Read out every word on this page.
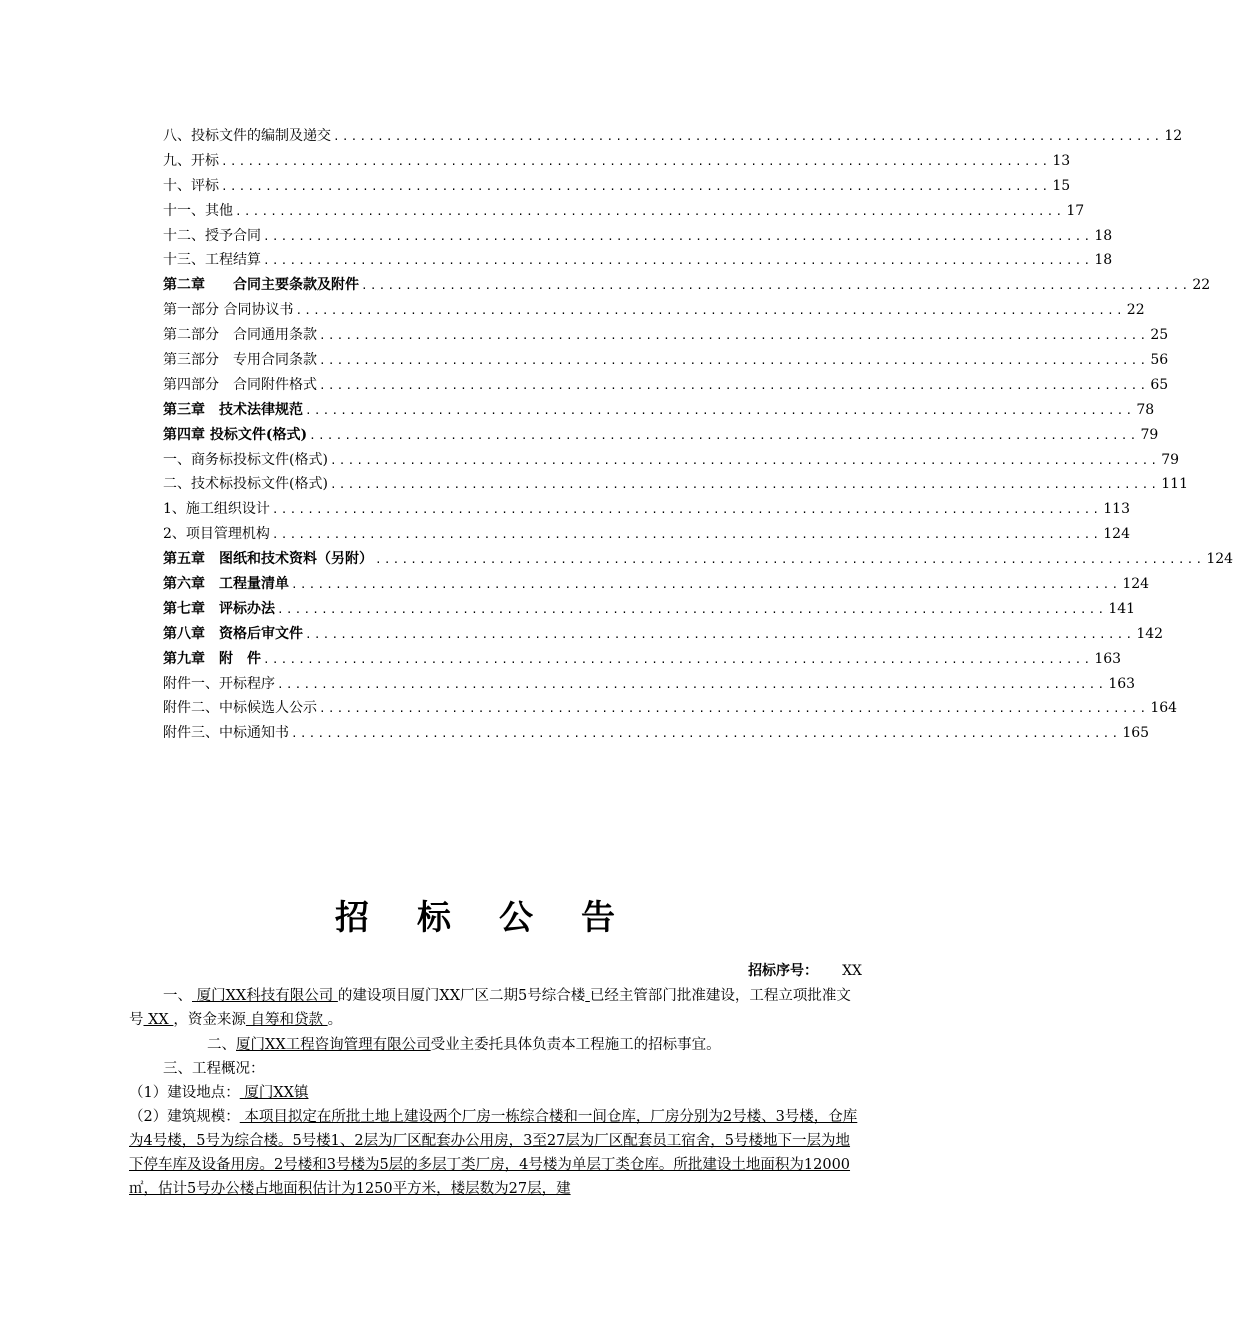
八、投标文件的编制及递交 .............................................................................................. 12
九、开标 .............................................................................................. 13
十、评标 .............................................................................................. 15
十一、其他 .............................................................................................. 17
十二、授予合同 .............................................................................................. 18
十三、工程结算 .............................................................................................. 18
第二章　　合同主要条款及附件 .............................................................................................. 22
第一部分 合同协议书 .............................................................................................. 22
第二部分　合同通用条款 .............................................................................................. 25
第三部分　专用合同条款 .............................................................................................. 56
第四部分　合同附件格式 .............................................................................................. 65
第三章　技术法律规范 .............................................................................................. 78
第四章 投标文件(格式) .............................................................................................. 79
一、商务标投标文件(格式) .............................................................................................. 79
二、技术标投标文件(格式) .............................................................................................. 111
1、施工组织设计 .............................................................................................. 113
2、项目管理机构 .............................................................................................. 124
第五章　图纸和技术资料（另附） .............................................................................................. 124
第六章　工程量清单 .............................................................................................. 124
第七章　评标办法 .............................................................................................. 141
第八章　资格后审文件 .............................................................................................. 142
第九章　附　件 .............................................................................................. 163
附件一、开标程序 .............................................................................................. 163
附件二、中标候选人公示 .............................................................................................. 164
附件三、中标通知书 .............................................................................................. 165
招标公告
招标序号： XX
一、 厦门XX科技有限公司 的建设项目厦门XX厂区二期5号综合楼 已经主管部门批准建设，工程立项批准文号 XX ，资金来源 自筹和贷款 。
二、厦门XX工程咨询管理有限公司受业主委托具体负责本工程施工的招标事宜。
三、工程概况：
（1）建设地点： 厦门XX镇
（2）建筑规模： 本项目拟定在所批土地上建设两个厂房一栋综合楼和一间仓库，厂房分别为2号楼、3号楼，仓库为4号楼，5号为综合楼。5号楼1、2层为厂区配套办公用房，3至27层为厂区配套员工宿舍，5号楼地下一层为地下停车库及设备用房。2号楼和3号楼为5层的多层丁类厂房，4号楼为单层丁类仓库。所批建设土地面积为12000㎡，估计5号办公楼占地面积估计为1250平方米，楼层数为27层，建
